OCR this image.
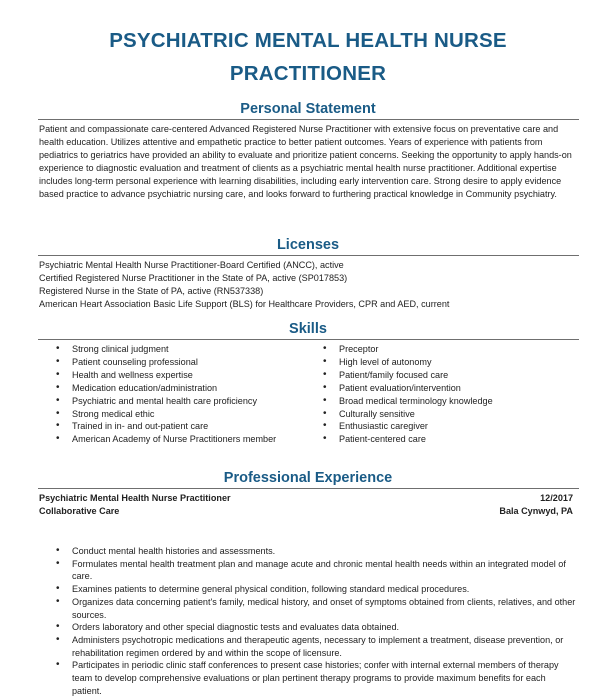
PSYCHIATRIC MENTAL HEALTH NURSE
PRACTITIONER
Personal Statement

Patient and compassionate care-centered Advanced Registered Nurse Practitioner with extensive focus on preventative care and health education. Utilizes attentive and empathetic practice to better patient outcomes. Years of experience with patients from pediatrics to geriatrics have provided an ability to evaluate and prioritize patient concerns. Seeking the opportunity to apply hands-on experience to diagnostic evaluation and treatment of clients as a psychiatric mental health nurse practitioner. Additional expertise includes long-term personal experience with learning disabilities, including early intervention care. Strong desire to apply evidence based practice to advance psychiatric nursing care, and looks forward to furthering practical knowledge in Community psychiatry.

Licenses

Psychiatric Mental Health Nurse Practitioner-Board Certified (ANCC), active

Certified Registered Nurse Practitioner in the State of PA, active (SP017853)

Registered Nurse in the State of PA, active (RN537338)

American Heart Association Basic Life Support (BLS) for Healthcare Providers, CPR and AED, current

Skills
• Strong clinical judgment
• Patient counseling professional
• Health and wellness expertise
• Medication education/administration
• Psychiatric and mental health care proficiency
• Strong medical ethic
• Trained in in- and out-patient care
• American Academy of Nurse Practitioners member
• Preceptor
• High level of autonomy
• Patient/family focused care
• Patient evaluation/intervention
• Broad medical terminology knowledge
• Culturally sensitive
• Enthusiastic caregiver
• Patient-centered care
Professional Experience

Psychiatric Mental Health Nurse Practitioner	12/2017

Collaborative Care	Bala Cynwyd, PA

• Conduct mental health histories and assessments.
• Formulates mental health treatment plan and manage acute and chronic mental health needs within an integrated model of care.
• Examines patients to determine general physical condition, following standard medical procedures.
• Organizes data concerning patient's family, medical history, and onset of symptoms obtained from clients, relatives, and other sources.
• Orders laboratory and other special diagnostic tests and evaluates data obtained.
• Administers psychotropic medications and therapeutic agents, necessary to implement a treatment, disease prevention, or rehabilitation regimen ordered by and within the scope of licensure.
• Participates in periodic clinic staff conferences to present case histories; confer with internal external members of therapy team to develop comprehensive evaluations or plan pertinent therapy programs to provide maximum benefits for each patient.
